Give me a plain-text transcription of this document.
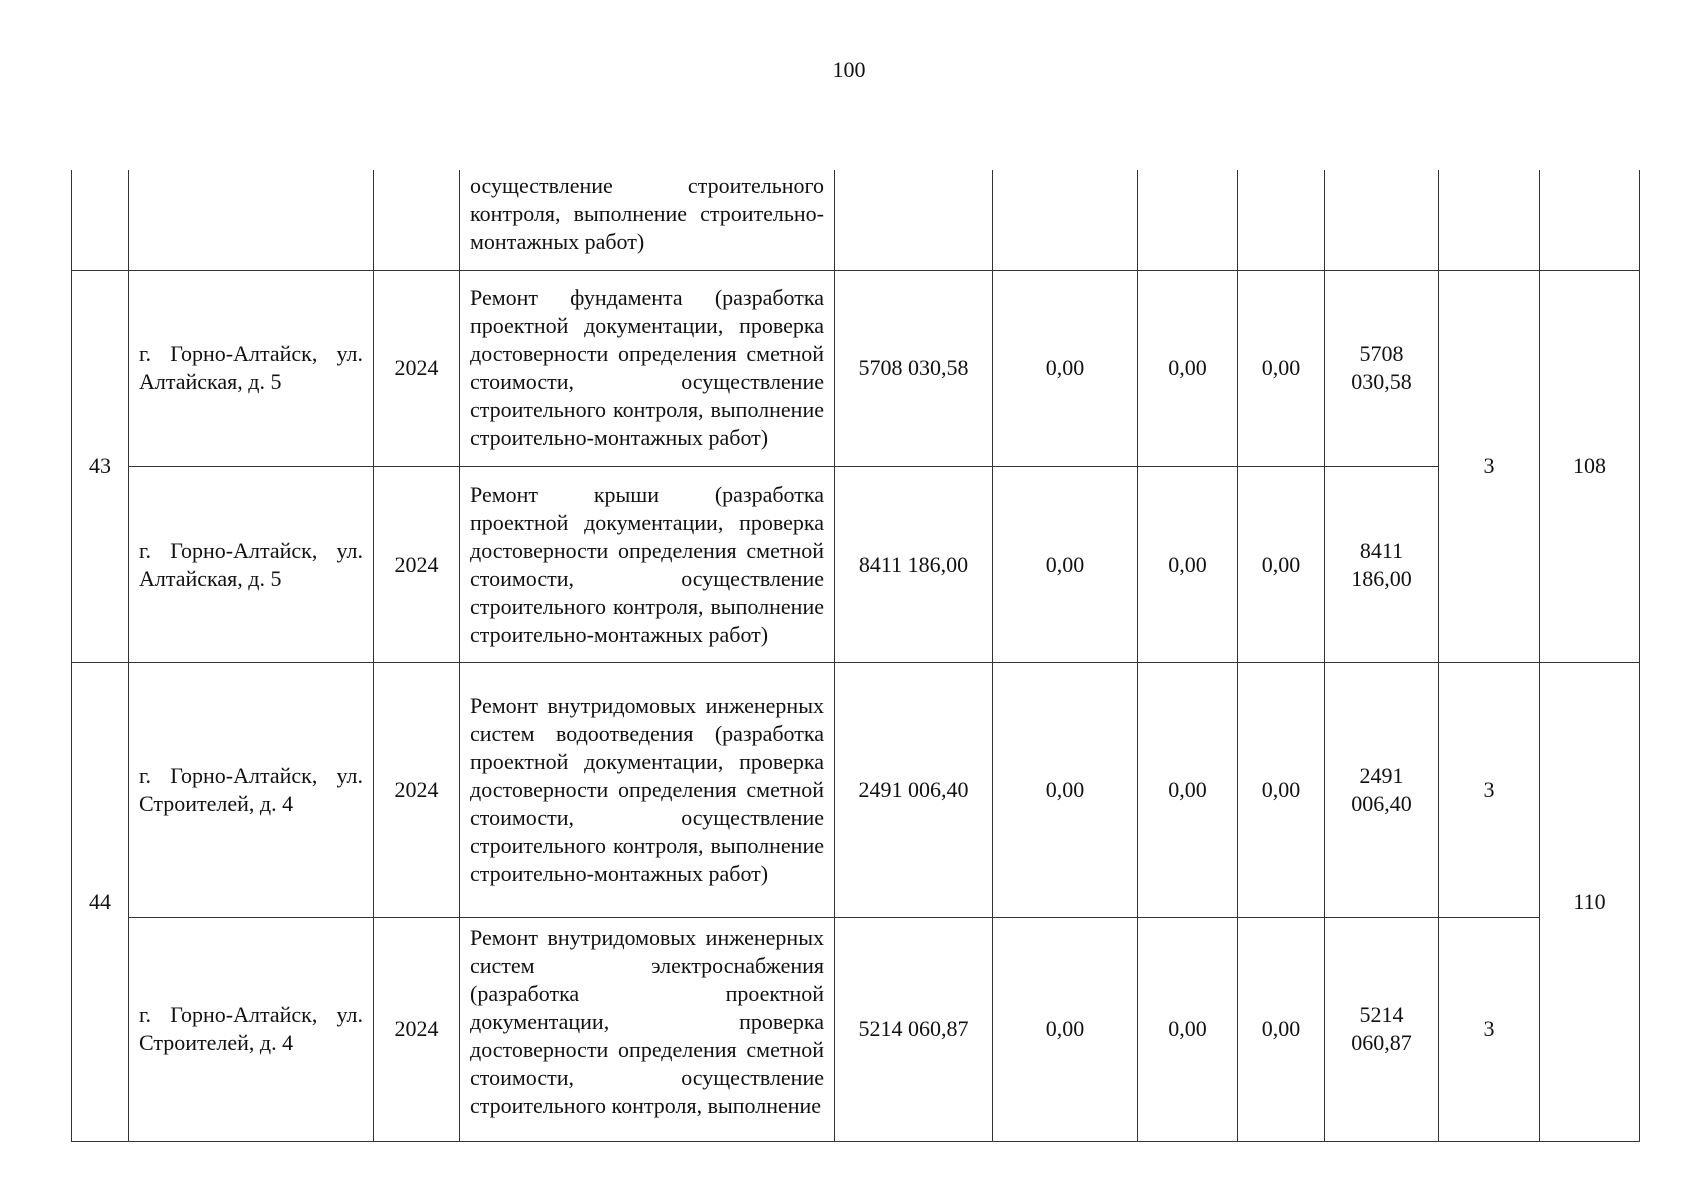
100
			осуществление строительного контроля, выполнение строительно-монтажных работ)							
43	г. Горно-Алтайск, ул. Алтайская, д. 5	2024	Ремонт фундамента (разработка проектной документации, проверка достоверности определения сметной стоимости, осуществление строительного контроля, выполнение строительно-монтажных работ)	5708 030,58	0,00	0,00	0,00	5708 030,58	3	108
	г. Горно-Алтайск, ул. Алтайская, д. 5	2024	Ремонт крыши (разработка проектной документации, проверка достоверности определения сметной стоимости, осуществление строительного контроля, выполнение строительно-монтажных работ)	8411 186,00	0,00	0,00	0,00	8411 186,00		
44	г. Горно-Алтайск, ул. Строителей, д. 4	2024	Ремонт внутридомовых инженерных систем водоотведения (разработка проектной документации, проверка достоверности определения сметной стоимости, осуществление строительного контроля, выполнение строительно-монтажных работ)	2491 006,40	0,00	0,00	0,00	2491 006,40	3	110
	г. Горно-Алтайск, ул. Строителей, д. 4	2024	Ремонт внутридомовых инженерных систем электроснабжения (разработка проектной документации, проверка достоверности определения сметной стоимости, осуществление строительного контроля, выполнение	5214 060,87	0,00	0,00	0,00	5214 060,87	3	
